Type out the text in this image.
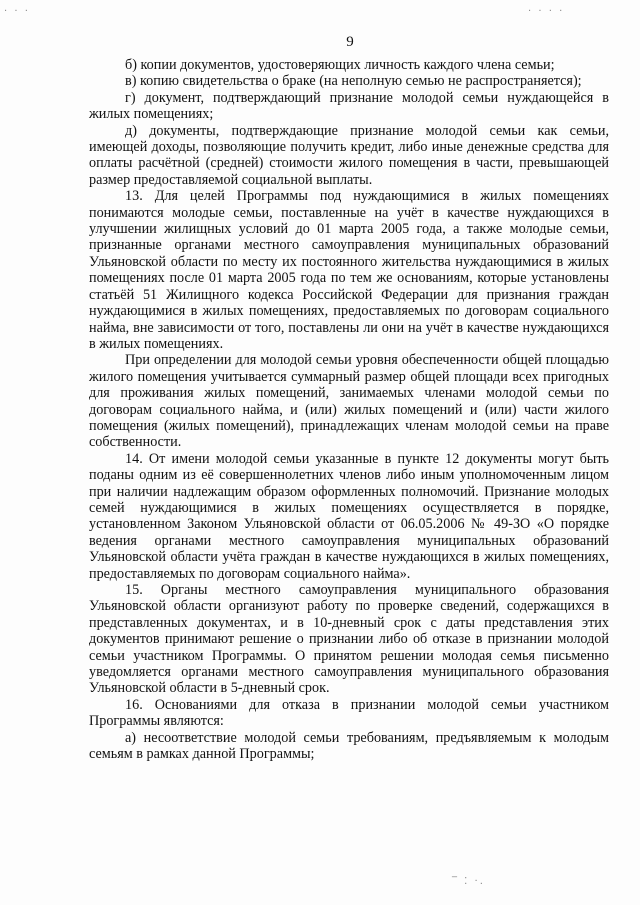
· · ·	· · · ·
9

б) копии документов, удостоверяющих личность каждого члена семьи;

в) копию свидетельства о браке (на неполную семью не распространяется);

г) документ, подтверждающий признание молодой семьи нуждающейся в жилых помещениях;

д) документы, подтверждающие признание молодой семьи как семьи, имеющей доходы, позволяющие получить кредит, либо иные денежные средства для оплаты расчётной (средней) стоимости жилого помещения в части, превышающей размер предоставляемой социальной выплаты.

13. Для целей Программы под нуждающимися в жилых помещениях понимаются молодые семьи, поставленные на учёт в качестве нуждающихся в улучшении жилищных условий до 01 марта 2005 года, а также молодые семьи, признанные органами местного самоуправления муниципальных образований Ульяновской области по месту их постоянного жительства нуждающимися в жилых помещениях после 01 марта 2005 года по тем же основаниям, которые установлены статьёй 51 Жилищного кодекса Российской Федерации для признания граждан нуждающимися в жилых помещениях, предоставляемых по договорам социального найма, вне зависимости от того, поставлены ли они на учёт в качестве нуждающихся в жилых помещениях.

При определении для молодой семьи уровня обеспеченности общей площадью жилого помещения учитывается суммарный размер общей площади всех пригодных для проживания жилых помещений, занимаемых членами молодой семьи по договорам социального найма, и (или) жилых помещений и (или) части жилого помещения (жилых помещений), принадлежащих членам молодой семьи на праве собственности.

14. От имени молодой семьи указанные в пункте 12 документы могут быть поданы одним из её совершеннолетних членов либо иным уполномоченным лицом при наличии надлежащим образом оформленных полномочий. Признание молодых семей нуждающимися в жилых помещениях осуществляется в порядке, установленном Законом Ульяновской области от 06.05.2006 № 49-ЗО «О порядке ведения органами местного самоуправления муниципальных образований Ульяновской области учёта граждан в качестве нуждающихся в жилых помещениях, предоставляемых по договорам социального найма».

15. Органы местного самоуправления муниципального образования Ульяновской области организуют работу по проверке сведений, содержащихся в представленных документах, и в 10-дневный срок с даты представления этих документов принимают решение о признании либо об отказе в признании молодой семьи участником Программы. О принятом решении молодая семья письменно уведомляется органами местного самоуправления муниципального образования Ульяновской области в 5-дневный срок.

16. Основаниями для отказа в признании молодой семьи участником Программы являются:

а) несоответствие молодой семьи требованиям, предъявляемым к молодым семьям в рамках данной Программы;

‾ ⁚ ·.
